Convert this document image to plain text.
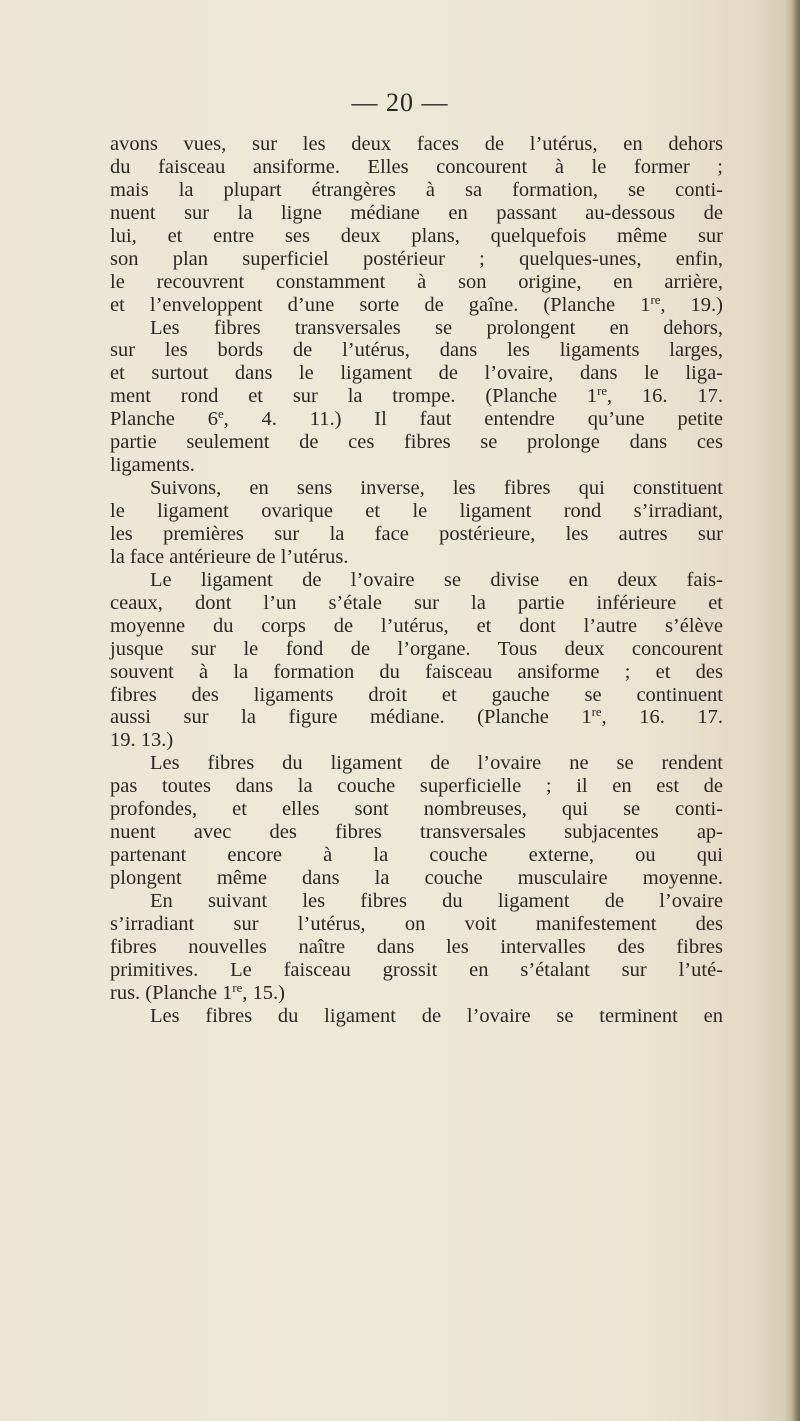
— 20 —
avons vues, sur les deux faces de l’utérus, en dehors
du faisceau ansiforme. Elles concourent à le former ;
mais la plupart étrangères à sa formation, se conti-
nuent sur la ligne médiane en passant au-dessous de
lui, et entre ses deux plans, quelquefois même sur
son plan superficiel postérieur ; quelques-unes, enfin,
le recouvrent constamment à son origine, en arrière,
et l’enveloppent d’une sorte de gaîne. (Planche 1re, 19.)
Les fibres transversales se prolongent en dehors,
sur les bords de l’utérus, dans les ligaments larges,
et surtout dans le ligament de l’ovaire, dans le liga-
ment rond et sur la trompe. (Planche 1re, 16. 17.
Planche 6e, 4. 11.) Il faut entendre qu’une petite
partie seulement de ces fibres se prolonge dans ces
ligaments.
Suivons, en sens inverse, les fibres qui constituent
le ligament ovarique et le ligament rond s’irradiant,
les premières sur la face postérieure, les autres sur
la face antérieure de l’utérus.
Le ligament de l’ovaire se divise en deux fais-
ceaux, dont l’un s’étale sur la partie inférieure et
moyenne du corps de l’utérus, et dont l’autre s’élève
jusque sur le fond de l’organe. Tous deux concourent
souvent à la formation du faisceau ansiforme ; et des
fibres des ligaments droit et gauche se continuent
aussi sur la figure médiane. (Planche 1re, 16. 17.
19. 13.)
Les fibres du ligament de l’ovaire ne se rendent
pas toutes dans la couche superficielle ; il en est de
profondes, et elles sont nombreuses, qui se conti-
nuent avec des fibres transversales subjacentes ap-
partenant encore à la couche externe, ou qui
plongent même dans la couche musculaire moyenne.
En suivant les fibres du ligament de l’ovaire
s’irradiant sur l’utérus, on voit manifestement des
fibres nouvelles naître dans les intervalles des fibres
primitives. Le faisceau grossit en s’étalant sur l’uté-
rus. (Planche 1re, 15.)
Les fibres du ligament de l’ovaire se terminent en
